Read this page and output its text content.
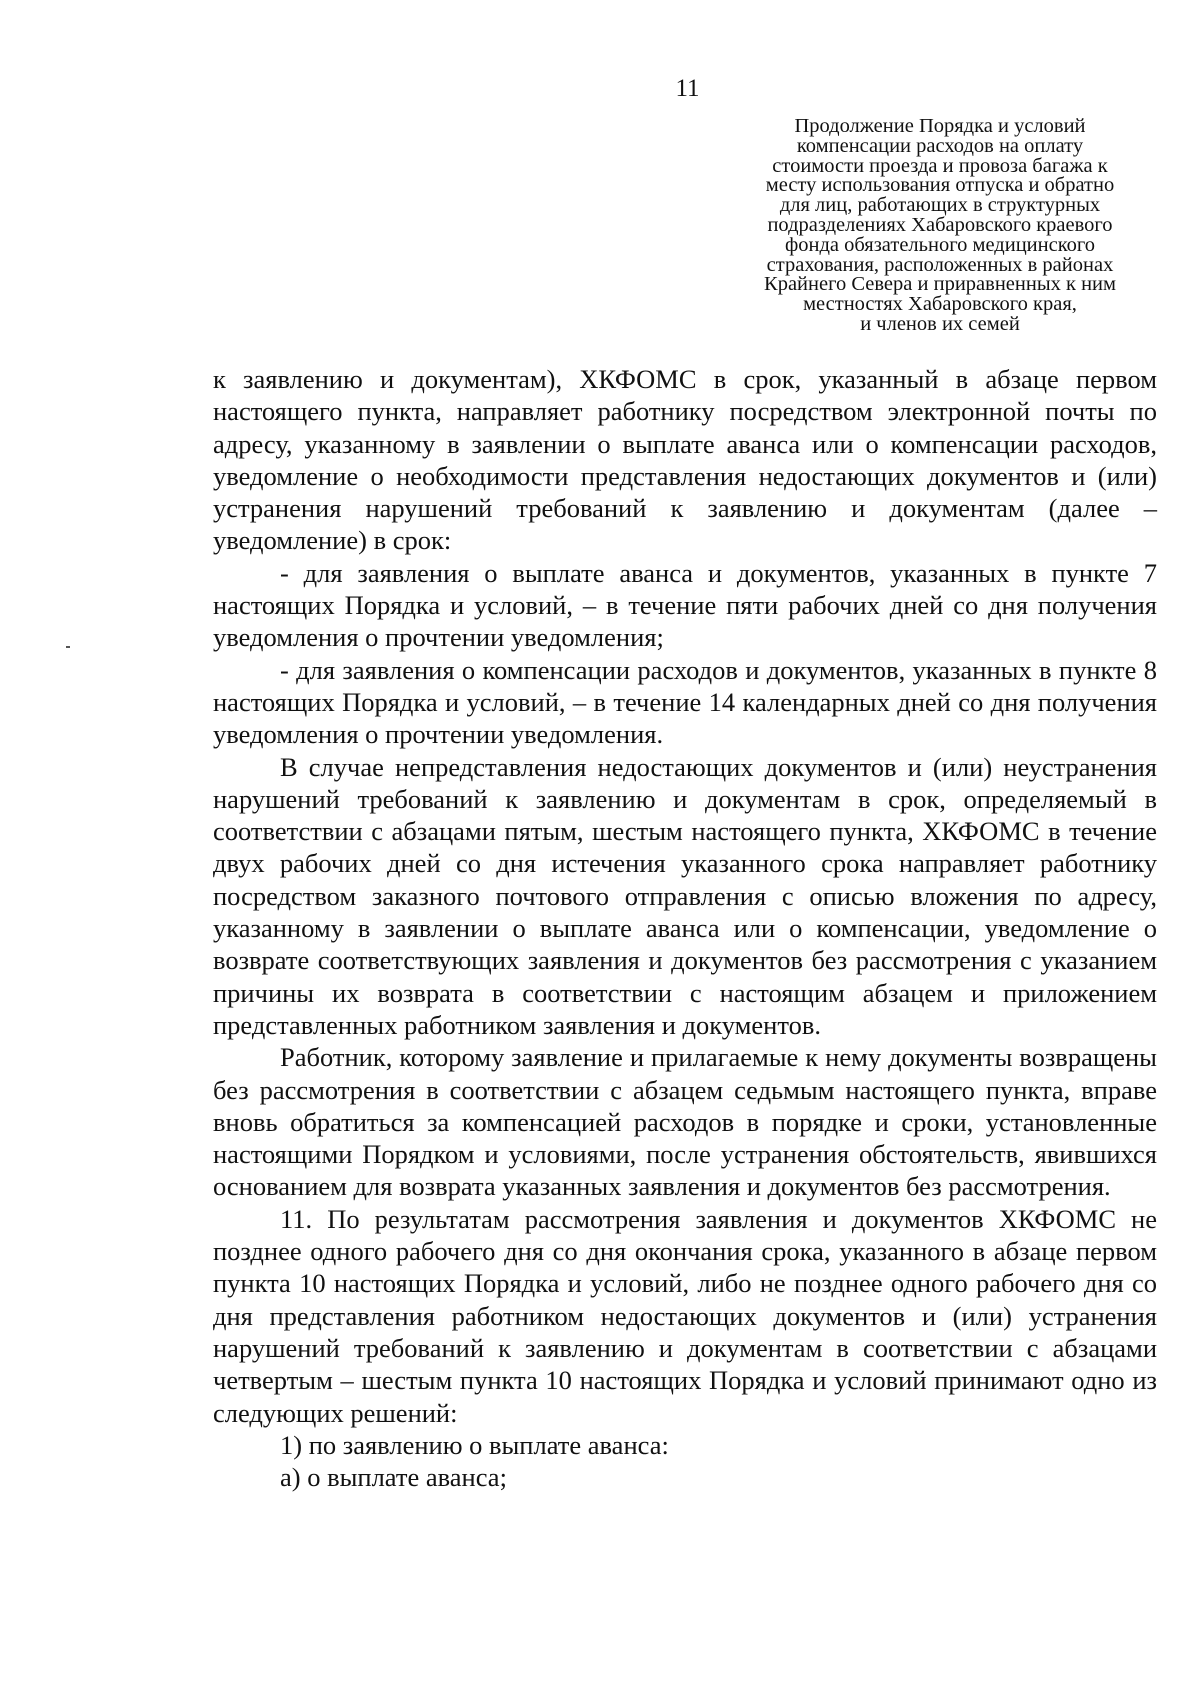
11
Продолжение Порядка и условий
компенсации расходов на оплату
стоимости проезда и провоза багажа к
месту использования отпуска и обратно
для лиц, работающих в структурных
подразделениях Хабаровского краевого
фонда обязательного медицинского
страхования, расположенных в районах
Крайнего Севера и приравненных к ним
местностях Хабаровского края,
и членов их семей

к заявлению и документам), ХКФОМС в срок, указанный в абзаце первом настоящего пункта, направляет работнику посредством электронной почты по адресу, указанному в заявлении о выплате аванса или о компенсации расходов, уведомление о необходимости представления недостающих документов и (или) устранения нарушений требований к заявлению и документам (далее – уведомление) в срок:

- для заявления о выплате аванса и документов, указанных в пункте 7 настоящих Порядка и условий, – в течение пяти рабочих дней со дня получения уведомления о прочтении уведомления;

- для заявления о компенсации расходов и документов, указанных в пункте 8 настоящих Порядка и условий, – в течение 14 календарных дней со дня получения уведомления о прочтении уведомления.

В случае непредставления недостающих документов и (или) неустранения нарушений требований к заявлению и документам в срок, определяемый в соответствии с абзацами пятым, шестым настоящего пункта, ХКФОМС в течение двух рабочих дней со дня истечения указанного срока направляет работнику посредством заказного почтового отправления с описью вложения по адресу, указанному в заявлении о выплате аванса или о компенсации, уведомление о возврате соответствующих заявления и документов без рассмотрения с указанием причины их возврата в соответствии с настоящим абзацем и приложением представленных работником заявления и документов.

Работник, которому заявление и прилагаемые к нему документы возвращены без рассмотрения в соответствии с абзацем седьмым настоящего пункта, вправе вновь обратиться за компенсацией расходов в порядке и сроки, установленные настоящими Порядком и условиями, после устранения обстоятельств, явившихся основанием для возврата указанных заявления и документов без рассмотрения.

11. По результатам рассмотрения заявления и документов ХКФОМС не позднее одного рабочего дня со дня окончания срока, указанного в абзаце первом пункта 10 настоящих Порядка и условий, либо не позднее одного рабочего дня со дня представления работником недостающих документов и (или) устранения нарушений требований к заявлению и документам в соответствии с абзацами четвертым – шестым пункта 10 настоящих Порядка и условий принимают одно из следующих решений:

1) по заявлению о выплате аванса:

а) о выплате аванса;
